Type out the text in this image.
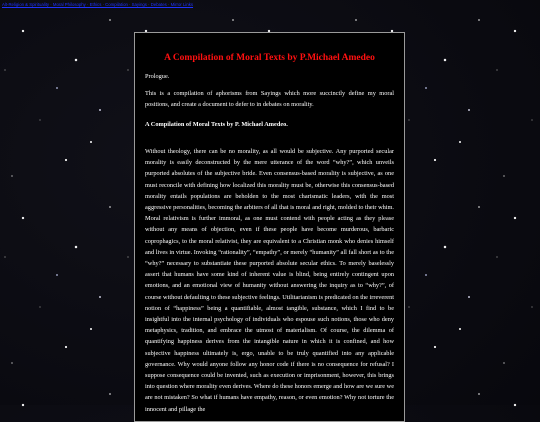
Alt-Religion & Spirituality · Moral Philosophy · Ethics · Compilation · Sayings · Debates · Mirror Links
A Compilation of Moral Texts by P.Michael Amedeo

Prologue.

This is a compilation of aphorisms from Sayings which more succinctly define my moral positions, and create a document to defer to in debates on morality.

A Compilation of Moral Texts by P. Michael Amedeo.

Without theology, there can be no morality, as all would be subjective. Any purported secular morality is easily deconstructed by the mere utterance of the word “why?”, which unveils purported absolutes of the subjective bride. Even consensus-based morality is subjective, as one must reconcile with defining how localized this morality must be, otherwise this consensus-based morality entails populations are beholden to the most charismatic leaders, with the most aggressive personalities, becoming the arbiters of all that is moral and right, molded to their whim. Moral relativism is further immoral, as one must contend with people acting as they please without any means of objection, even if these people have become murderous, barbaric coprophagics, to the moral relativist, they are equivalent to a Christian monk who denies himself and lives in virtue. Invoking “rationality”, “empathy”, or merely “humanity” all fall short as to the “why?” necessary to substantiate these purported absolute secular ethics. To merely baselessly assert that humans have some kind of inherent value is blind, being entirely contingent upon emotions, and an emotional view of humanity without answering the inquiry as to “why?”, of course without defaulting to these subjective feelings. Utilitarianism is predicated on the irreverent notion of “happiness” being a quantifiable, almost tangible, substance, which I find to be insightful into the internal psychology of individuals who espouse such notions, those who deny metaphysics, tradition, and embrace the utmost of materialism. Of course, the dilemma of quantifying happiness derives from the intangible nature in which it is confined, and how subjective happiness ultimately is, ergo, unable to be truly quantified into any applicable governance. Why would anyone follow any honor code if there is no consequence for refusal? I suppose consequence could be invented, such as execution or imprisonment, however, this brings into question where morality even derives. Where do these honors emerge and how are we sure we are not mistaken? So what if humans have empathy, reason, or even emotion? Why not torture the innocent and pillage the
